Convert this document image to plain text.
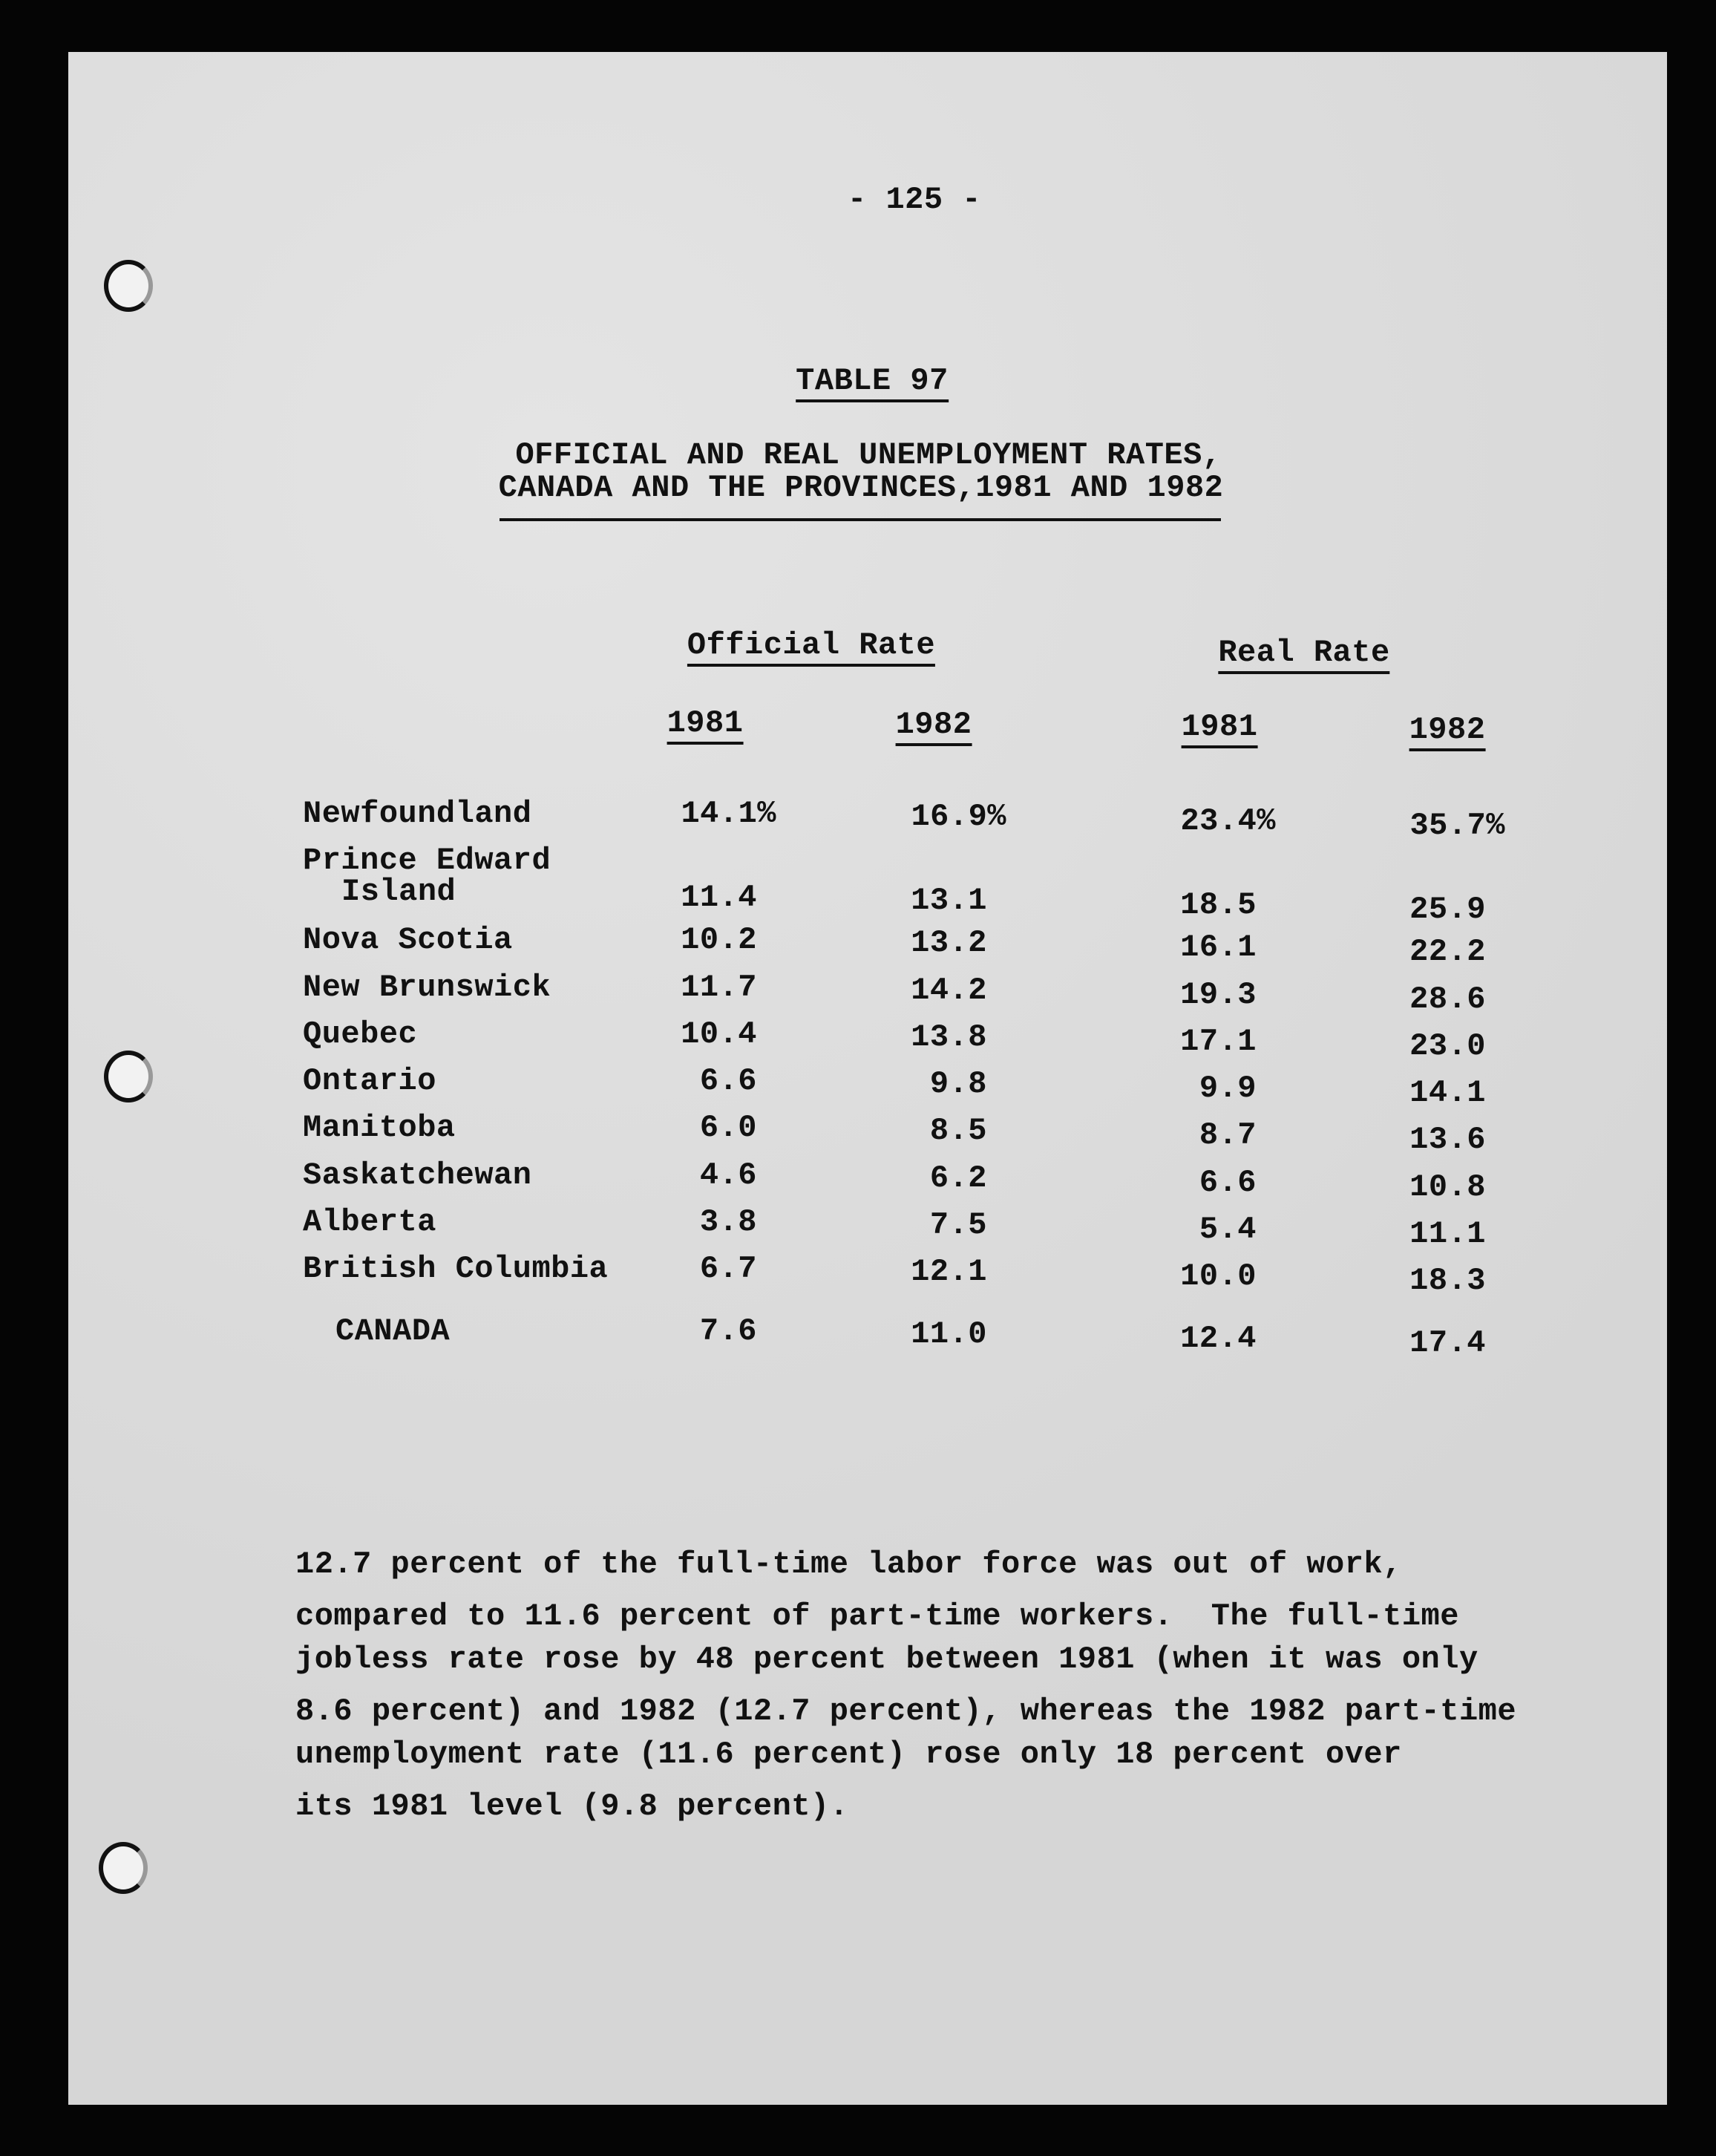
- 125 -
TABLE 97
OFFICIAL AND REAL UNEMPLOYMENT RATES,
CANADA AND THE PROVINCES,1981 AND 1982
Official Rate	Real Rate
1981	1982	1981	1982
Newfoundland	14.1%	16.9%	23.4%	35.7%
Prince Edward
Island	11.4	13.1	18.5	25.9
Nova Scotia	10.2	13.2	16.1	22.2
New Brunswick	11.7	14.2	19.3	28.6
Quebec	10.4	13.8	17.1	23.0
Ontario	6.6	9.8	9.9	14.1
Manitoba	6.0	8.5	8.7	13.6
Saskatchewan	4.6	6.2	6.6	10.8
Alberta	3.8	7.5	5.4	11.1
British Columbia	6.7	12.1	10.0	18.3
CANADA	7.6	11.0	12.4	17.4
12.7 percent of the full-time labor force was out of work,
compared to 11.6 percent of part-time workers.  The full-time
jobless rate rose by 48 percent between 1981 (when it was only
8.6 percent) and 1982 (12.7 percent), whereas the 1982 part-time
unemployment rate (11.6 percent) rose only 18 percent over
its 1981 level (9.8 percent).
